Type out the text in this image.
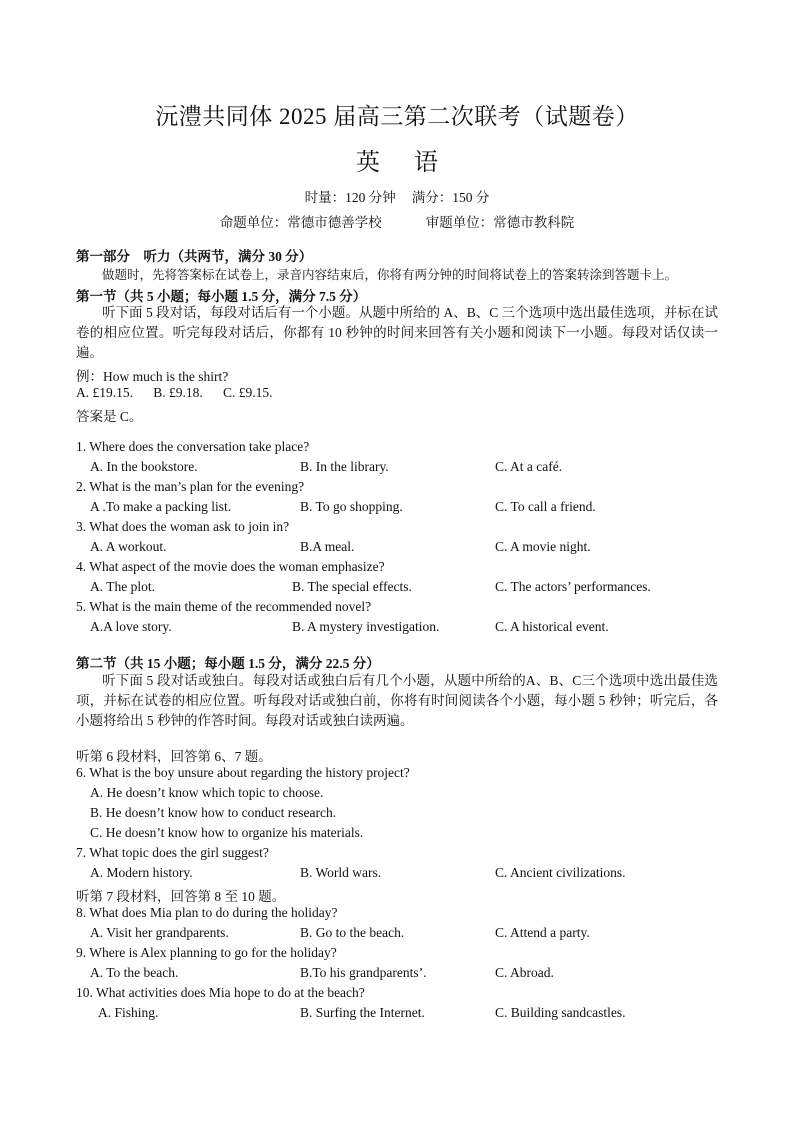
沅澧共同体 2025 届高三第二次联考（试题卷）
英 语
时量：120 分钟 满分：150 分
命题单位：常德市德善学校	审题单位：常德市教科院
第一部分　听力（共两节，满分 30 分）
做题时，先将答案标在试卷上，录音内容结束后，你将有两分钟的时间将试卷上的答案转涂到答题卡上。
第一节（共 5 小题；每小题 1.5 分，满分 7.5 分）
听下面 5 段对话，每段对话后有一个小题。从题中所给的 A、B、C 三个选项中选出最佳选项，并标在试卷的相应位置。听完每段对话后，你都有 10 秒钟的时间来回答有关小题和阅读下一小题。每段对话仅读一遍。
例：How much is the shirt?
A. £19.15.      B. £9.18.      C. £9.15.
答案是 C。
1. Where does the conversation take place?
A. In the bookstore.	B. In the library.	C. At a café.
2. What is the man’s plan for the evening?
A .To make a packing list.	B. To go shopping.	C. To call a friend.
3. What does the woman ask to join in?
A. A workout.	B.A meal.	C. A movie night.
4. What aspect of the movie does the woman emphasize?
A. The plot.	B. The special effects.	C. The actors’ performances.
5. What is the main theme of the recommended novel?
A.A love story.	B. A mystery investigation.	C. A historical event.
第二节（共 15 小题；每小题 1.5 分，满分 22.5 分）
听下面 5 段对话或独白。每段对话或独白后有几个小题，从题中所给的A、B、C三个选项中选出最佳选项，并标在试卷的相应位置。听每段对话或独白前，你将有时间阅读各个小题，每小题 5 秒钟；听完后，各小题将给出 5 秒钟的作答时间。每段对话或独白读两遍。
听第 6 段材料，回答第 6、7 题。
6. What is the boy unsure about regarding the history project?
A. He doesn’t know which topic to choose.
B. He doesn’t know how to conduct research.
C. He doesn’t know how to organize his materials.
7. What topic does the girl suggest?
A. Modern history.	B. World wars.	C. Ancient civilizations.
听第 7 段材料，回答第 8 至 10 题。
8. What does Mia plan to do during the holiday?
A. Visit her grandparents.	B. Go to the beach.	C. Attend a party.
9. Where is Alex planning to go for the holiday?
A. To the beach.	B.To his grandparents’.	C. Abroad.
10. What activities does Mia hope to do at the beach?
A. Fishing.	B. Surfing the Internet.	C. Building sandcastles.
